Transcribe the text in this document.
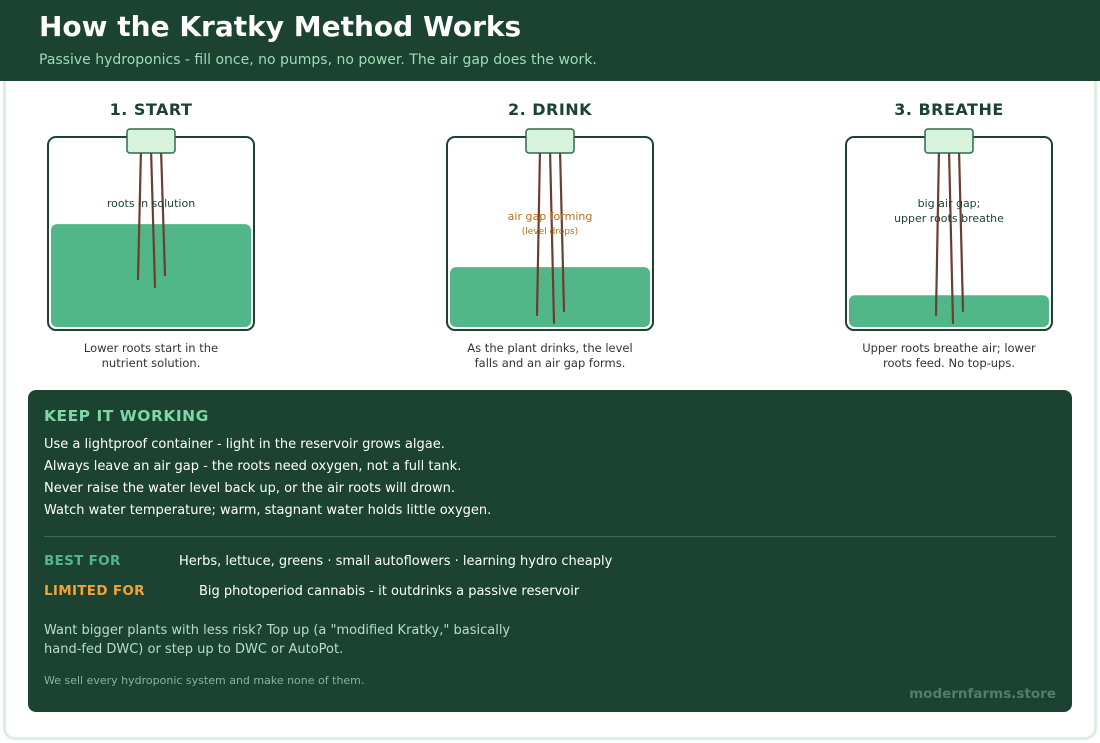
How the Kratky Method Works
Passive hydroponics - fill once, no pumps, no power. The air gap does the work.
1. START
roots in solution
Lower roots start in the
nutrient solution.
2. DRINK
air gap forming
(level drops)
As the plant drinks, the level
falls and an air gap forms.
3. BREATHE
big air gap;
upper roots breathe
Upper roots breathe air; lower
roots feed. No top-ups.
KEEP IT WORKING
Use a lightproof container - light in the reservoir grows algae.
Always leave an air gap - the roots need oxygen, not a full tank.
Never raise the water level back up, or the air roots will drown.
Watch water temperature; warm, stagnant water holds little oxygen.
BEST FOR	Herbs, lettuce, greens · small autoflowers · learning hydro cheaply
LIMITED FOR	Big photoperiod cannabis - it outdrinks a passive reservoir
Want bigger plants with less risk? Top up (a "modified Kratky," basically
hand-fed DWC) or step up to DWC or AutoPot.
We sell every hydroponic system and make none of them.
modernfarms.store
